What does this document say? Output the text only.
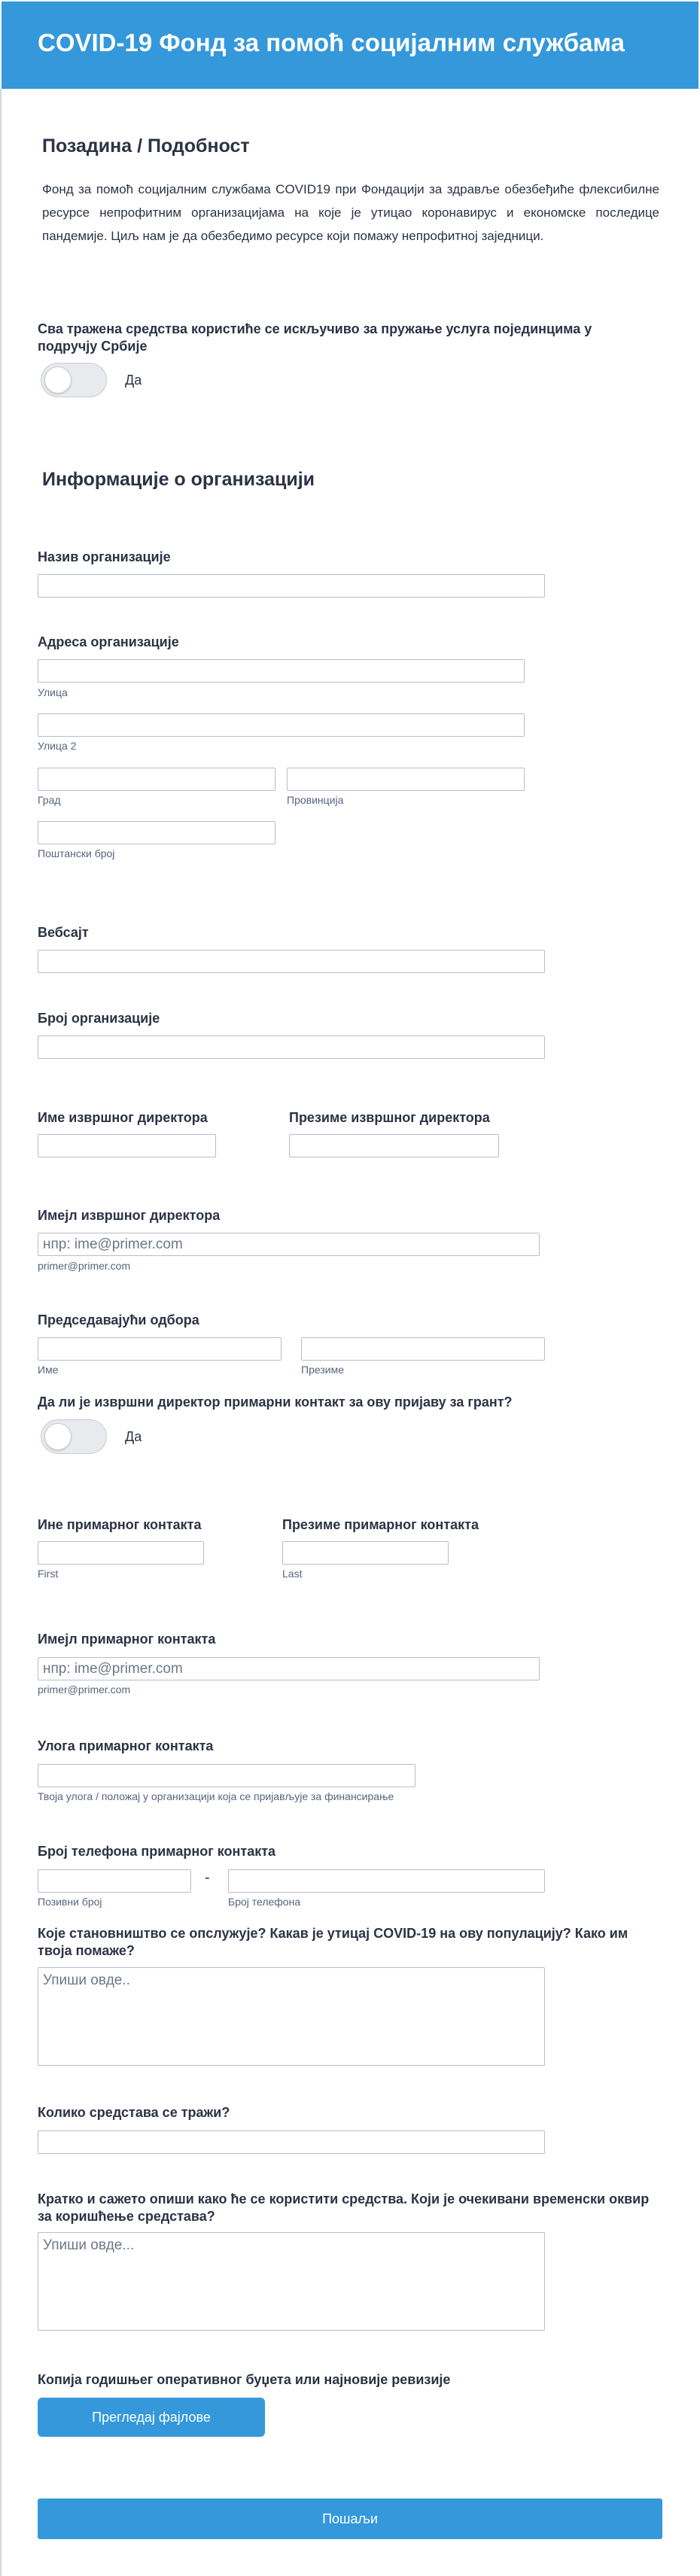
COVID-19 Фонд за помоћ социјалним службама
Позадина / Подобност
Фонд за помоћ социјалним службама COVID19 при Фондацији за здравље обезбеђиће флексибилне ресурсе непрофитним организацијама на које је утицао коронавирус и економске последице пандемије. Циљ нам је да обезбедимо ресурсе који помажу непрофитној заједници.
Сва тражена средства користиће се искључиво за пружање услуга појединцима у подручју Србије
Да
Информације о организацији
Назив организације
Адреса организације
Улица
Улица 2
Град	Провинција
Поштански број
Вебсајт
Број организације
Име извршног директора	Презиме извршног директора
Имејл извршног директора
нпр: ime@primer.com
primer@primer.com
Председавајући одбора
Име	Презиме
Да ли је извршни директор примарни контакт за ову пријаву за грант?
Да
Ине примарног контакта
First
Презиме примарног контакта
Last
Имејл примарног контакта
нпр: ime@primer.com
primer@primer.com
Улога примарног контакта
Твоја улога / положај у организацији која се пријављује за финансирање
Број телефона примарног контакта
Позивни број
-
Број телефона
Које становништво се опслужује? Какав је утицај COVID-19 на ову популацију? Како им твоја помаже?
Упиши овде..
Колико средстава се тражи?
Кратко и сажето опиши како ће се користити средства. Који је очекивани временски оквир за коришћење средстава?
Упиши овде...
Копија годишњег оперативног буџета или најновије ревизије
Прегледај фајлове
Пошаљи
